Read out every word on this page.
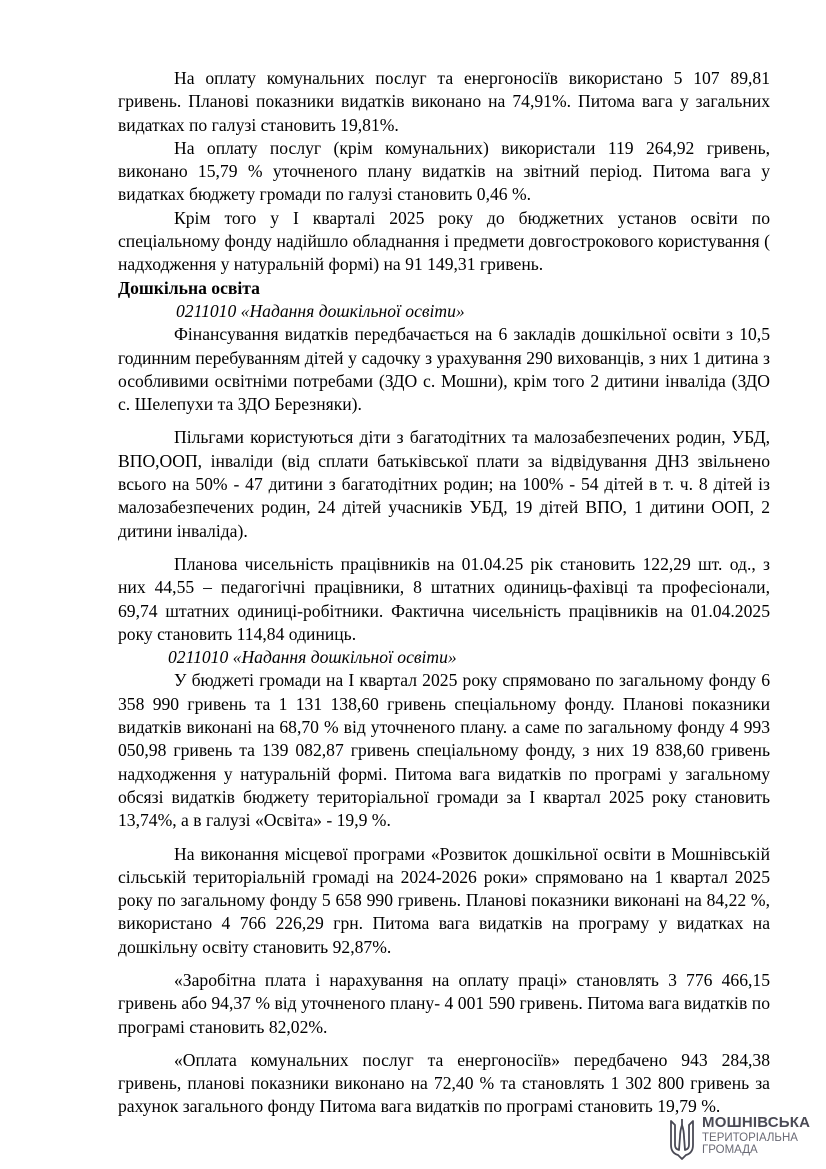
На оплату комунальних послуг та енергоносіїв використано 5 107 89,81 гривень. Планові показники видатків виконано на 74,91%. Питома вага у загальних видатках по галузі становить 19,81%.

На оплату послуг (крім комунальних) використали 119 264,92 гривень, виконано 15,79 % уточненого плану видатків на звітний період. Питома вага у видатках бюджету громади по галузі становить 0,46 %.

Крім того у І кварталі 2025 року до бюджетних установ освіти по спеціальному фонду надійшло обладнання і предмети довгострокового користування ( надходження у натуральній формі) на 91 149,31 гривень.

Дошкільна освіта

0211010 «Надання дошкільної освіти»

Фінансування видатків передбачається на 6 закладів дошкільної освіти з 10,5 годинним перебуванням дітей у садочку з урахування 290 вихованців, з них 1 дитина з особливими освітніми потребами (ЗДО с. Мошни), крім того 2 дитини інваліда (ЗДО с. Шелепухи та ЗДО Березняки).

Пільгами користуються діти з багатодітних та малозабезпечених родин, УБД, ВПО,ООП, інваліди (від сплати батьківської плати за відвідування ДНЗ звільнено всього на 50% - 47 дитини з багатодітних родин; на 100% - 54 дітей в т. ч. 8 дітей із малозабезпечених родин, 24 дітей учасників УБД, 19 дітей ВПО, 1 дитини ООП, 2 дитини інваліда).

Планова чисельність працівників на 01.04.25 рік становить 122,29 шт. од., з них 44,55 – педагогічні працівники, 8 штатних одиниць-фахівці та професіонали, 69,74 штатних одиниці-робітники. Фактична чисельність працівників на 01.04.2025 року становить 114,84 одиниць.

0211010 «Надання дошкільної освіти»

У бюджеті громади на І квартал 2025 року спрямовано по загальному фонду 6 358 990 гривень та 1 131 138,60 гривень спеціальному фонду. Планові показники видатків виконані на 68,70 % від уточненого плану. а саме по загальному фонду 4 993 050,98 гривень та 139 082,87 гривень спеціальному фонду, з них 19 838,60 гривень надходження у натуральній формі. Питома вага видатків по програмі у загальному обсязі видатків бюджету територіальної громади за І квартал 2025 року становить 13,74%, а в галузі «Освіта» - 19,9 %.

На виконання місцевої програми «Розвиток дошкільної освіти в Мошнівській сільській територіальній громаді на 2024-2026 роки» спрямовано на 1 квартал 2025 року по загальному фонду 5 658 990 гривень. Планові показники виконані на 84,22 %, використано 4 766 226,29 грн. Питома вага видатків на програму у видатках на дошкільну освіту становить 92,87%.

«Заробітна плата і нарахування на оплату праці» становлять 3 776 466,15 гривень або 94,37 % від уточненого плану- 4 001 590 гривень. Питома вага видатків по програмі становить 82,02%.

«Оплата комунальних послуг та енергоносіїв» передбачено 943 284,38 гривень, планові показники виконано на 72,40 % та становлять 1 302 800 гривень за рахунок загального фонду Питома вага видатків по програмі становить 19,79 %.

МОШНІВСЬКА
ТЕРИТОРІАЛЬНА
ГРОМАДА
